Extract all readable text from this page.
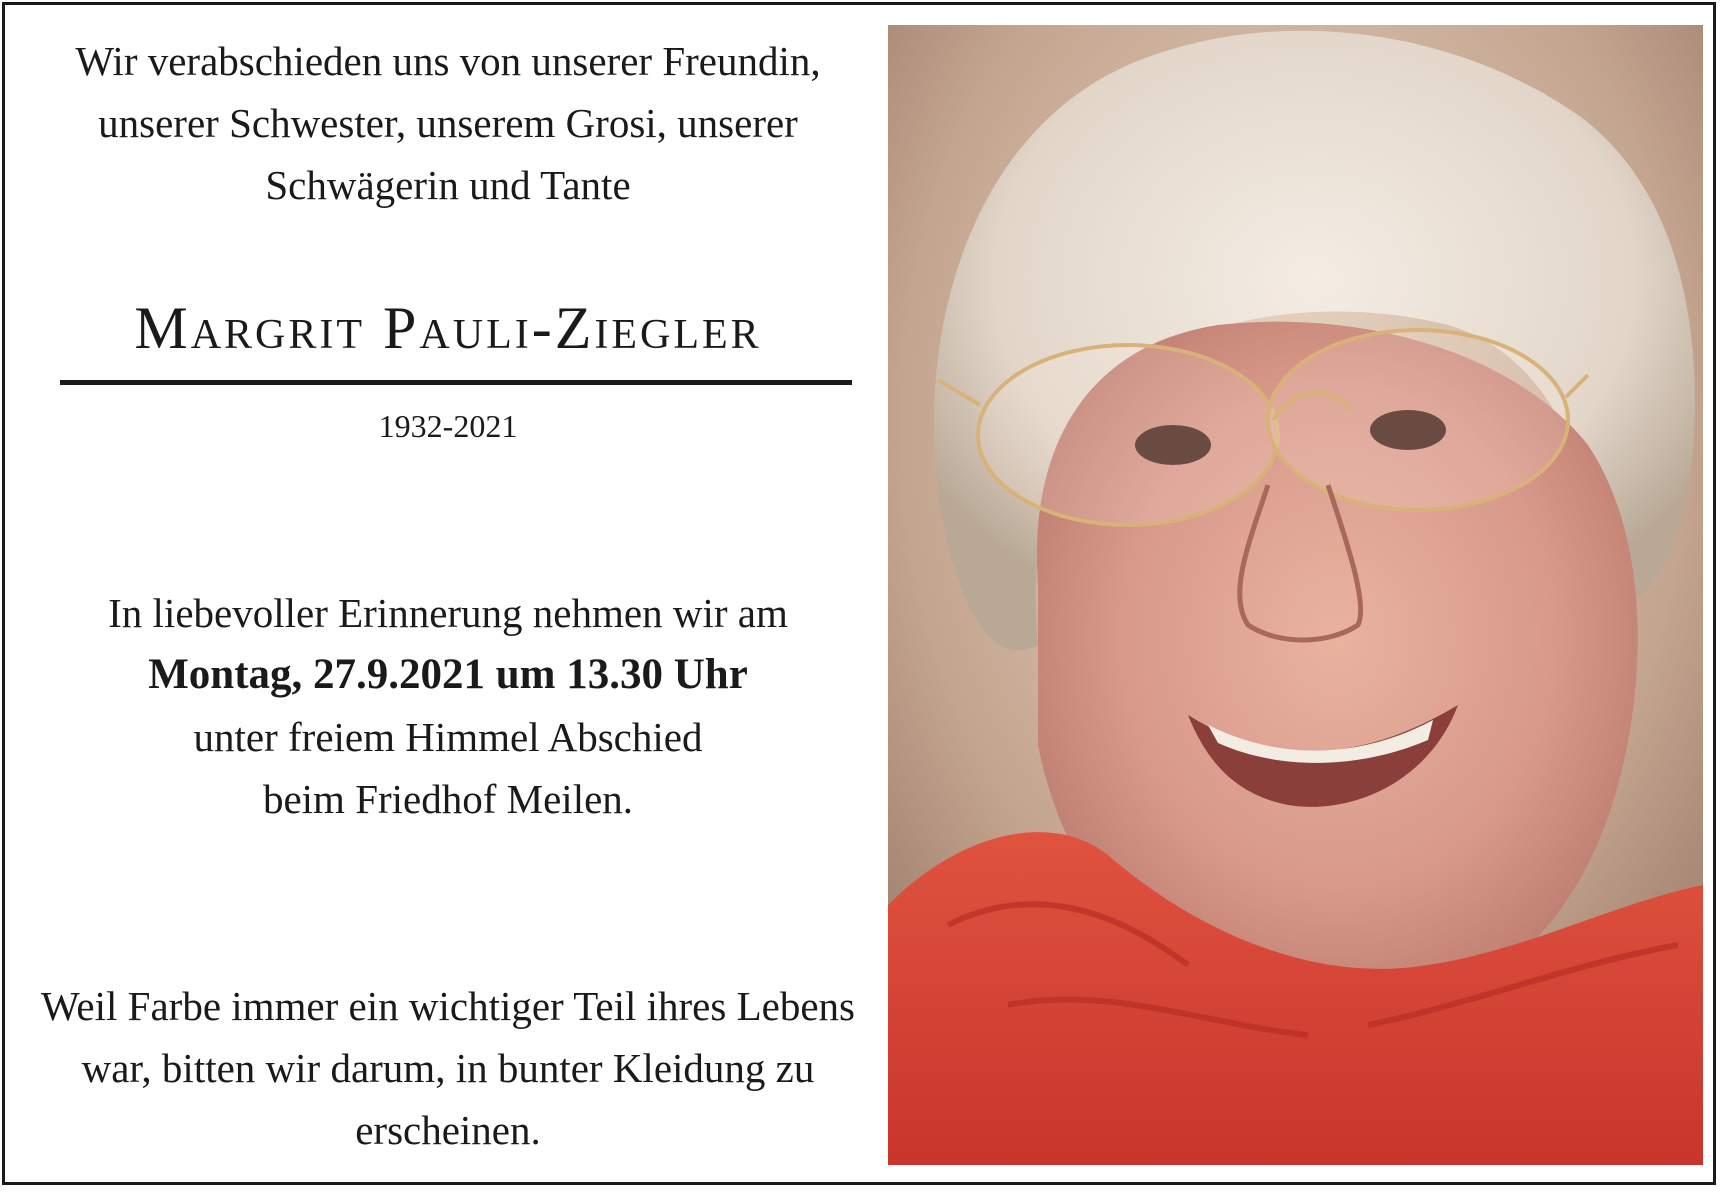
Wir verabschieden uns von unserer Freundin,
unserer Schwester, unserem Grosi, unserer
Schwägerin und Tante
Margrit Pauli-Ziegler
1932-2021
In liebevoller Erinnerung nehmen wir am
Montag, 27.9.2021 um 13.30 Uhr
unter freiem Himmel Abschied
beim Friedhof Meilen.
Weil Farbe immer ein wichtiger Teil ihres Lebens
war, bitten wir darum, in bunter Kleidung zu
erscheinen.
